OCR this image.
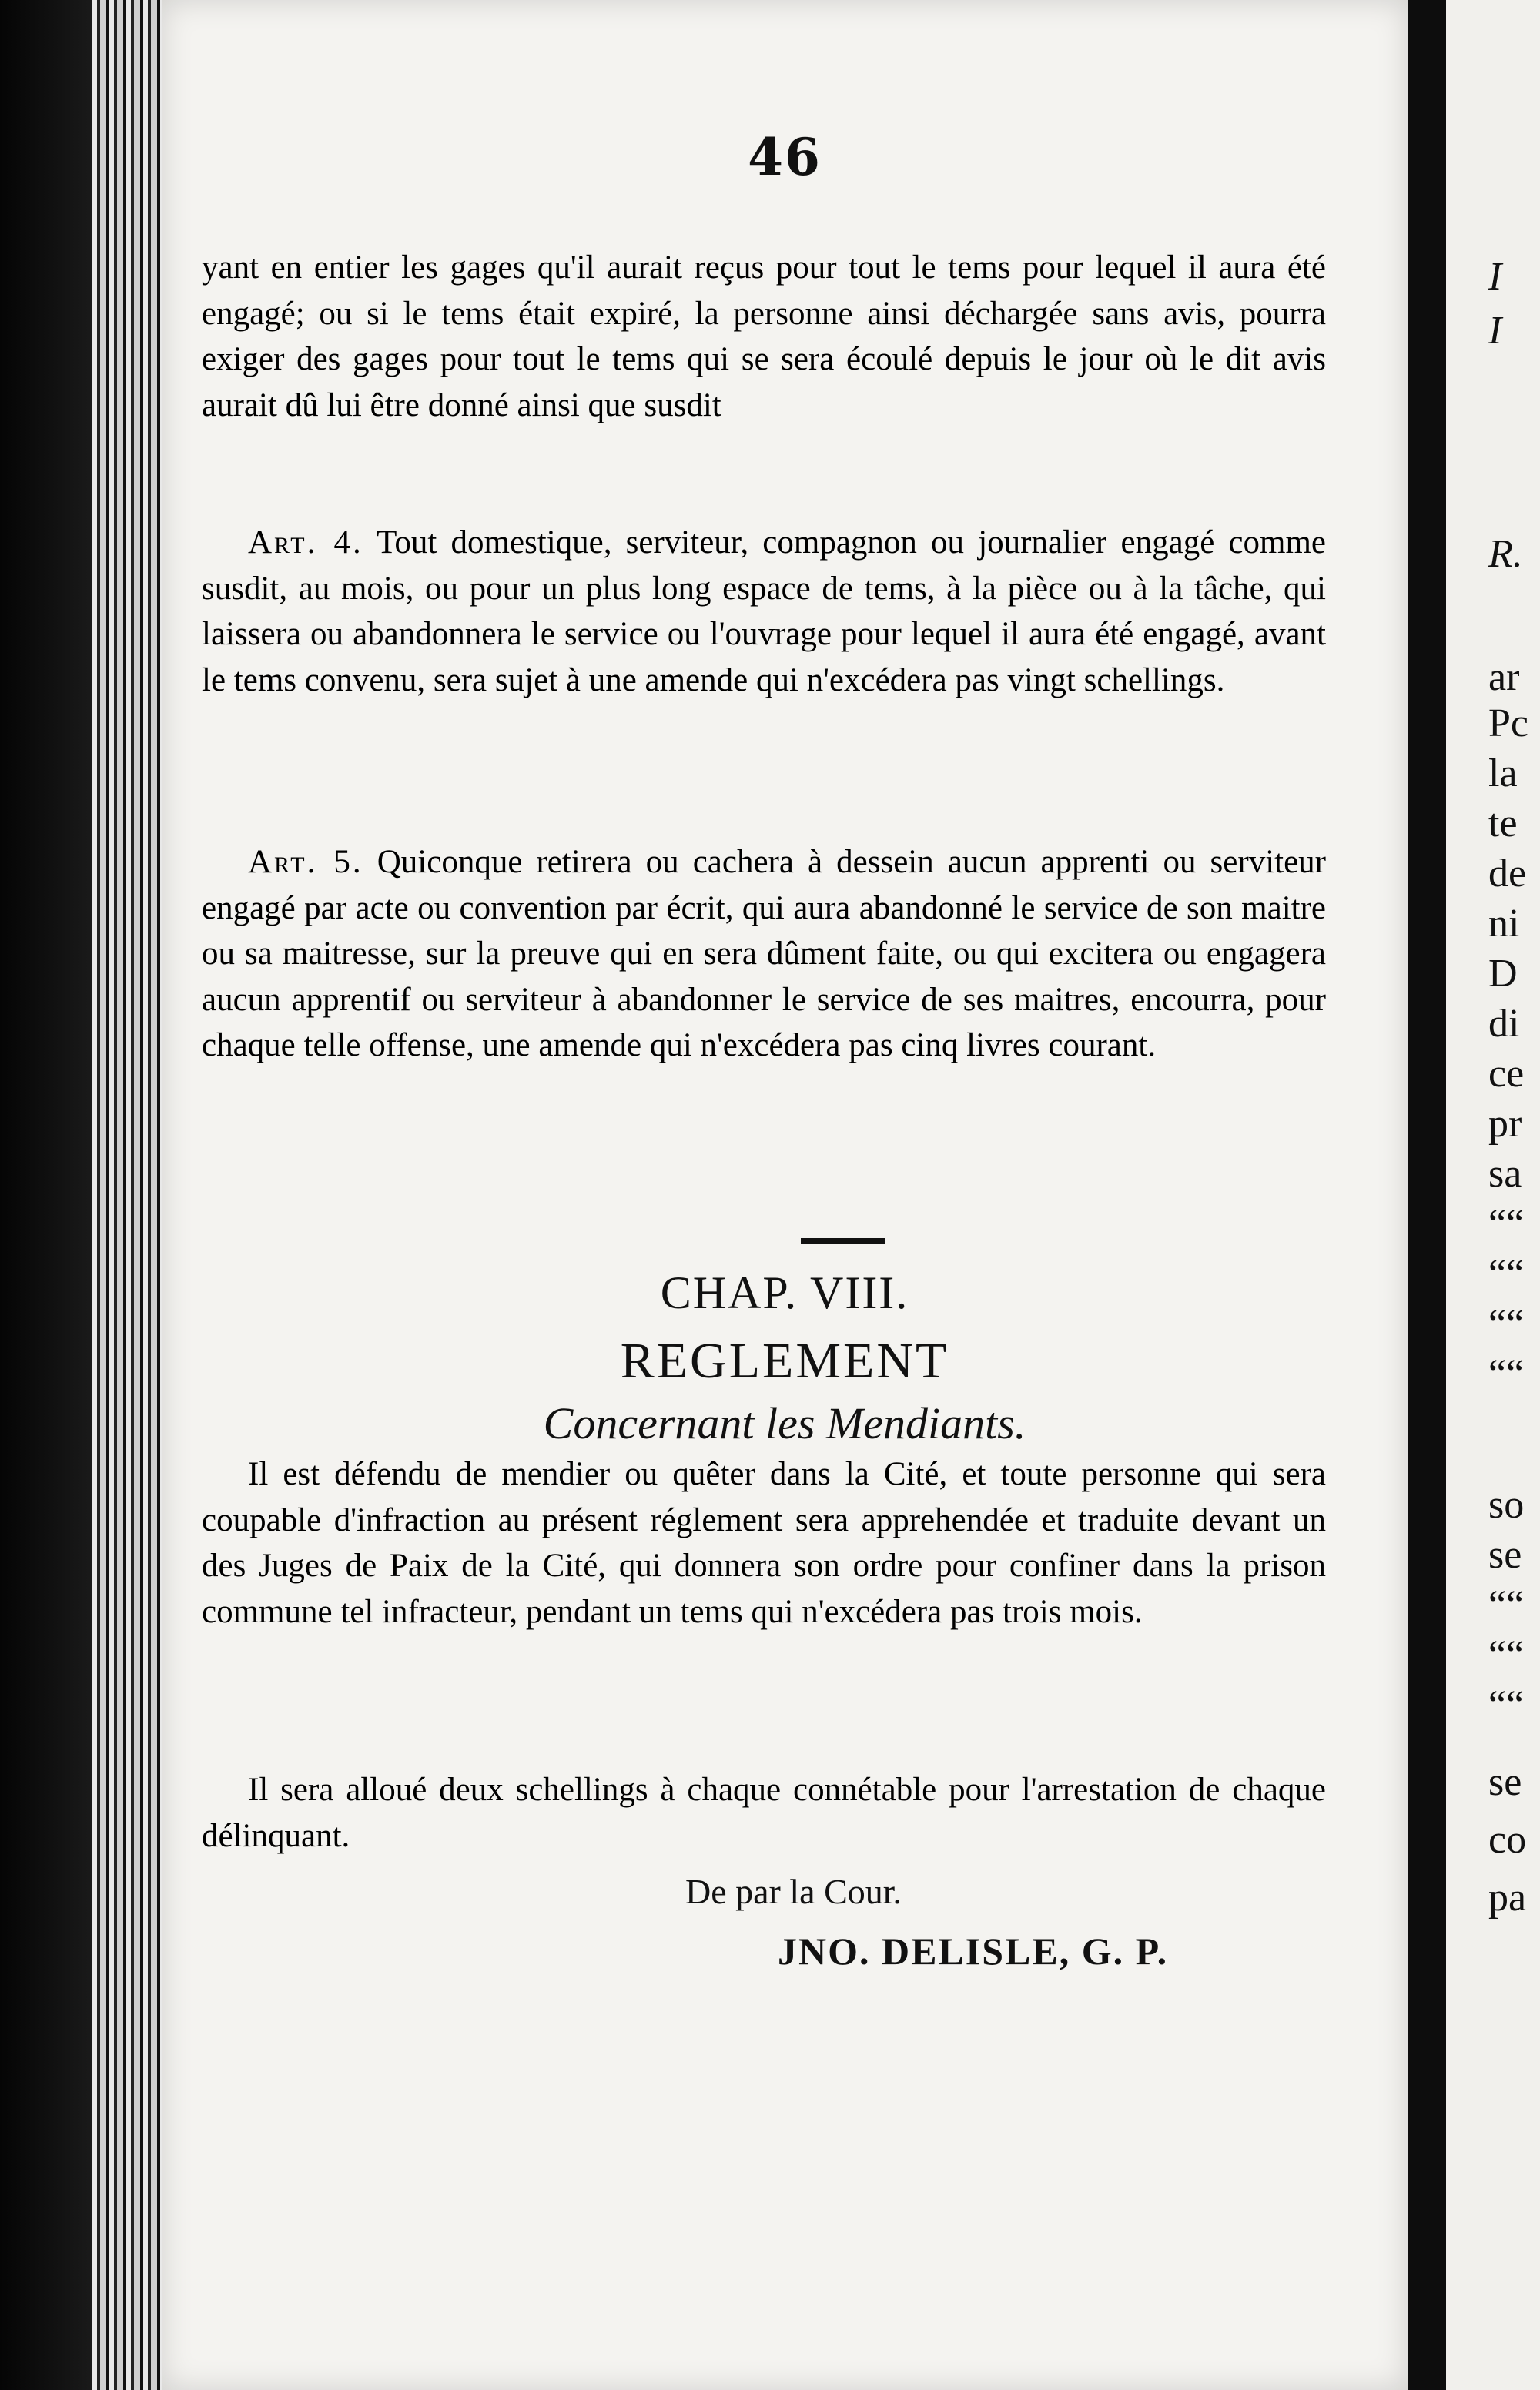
46

yant en entier les gages qu'il aurait reçus pour tout le tems pour lequel il aura été engagé; ou si le tems était expiré, la personne ainsi déchargée sans avis, pourra exiger des gages pour tout le tems qui se sera écoulé depuis le jour où le dit avis aurait dû lui être donné ainsi que susdit

Art. 4. Tout domestique, serviteur, compagnon ou journalier engagé comme susdit, au mois, ou pour un plus long espace de tems, à la pièce ou à la tâche, qui laissera ou abandonnera le service ou l'ouvrage pour lequel il aura été engagé, avant le tems convenu, sera sujet à une amende qui n'excédera pas vingt schellings.

Art. 5. Quiconque retirera ou cachera à dessein aucun apprenti ou serviteur engagé par acte ou convention par écrit, qui aura abandonné le service de son maitre ou sa maitresse, sur la preuve qui en sera dûment faite, ou qui excitera ou engagera aucun apprentif ou serviteur à abandonner le service de ses maitres, encourra, pour chaque telle offense, une amende qui n'excédera pas cinq livres courant.

CHAP. VIII.
REGLEMENT
Concernant les Mendiants.

Il est défendu de mendier ou quêter dans la Cité, et toute personne qui sera coupable d'infraction au présent réglement sera apprehendée et traduite devant un des Juges de Paix de la Cité, qui donnera son ordre pour confiner dans la prison commune tel infracteur, pendant un tems qui n'excédera pas trois mois.

Il sera alloué deux schellings à chaque connétable pour l'arrestation de chaque délinquant.

De par la Cour.
JNO. DELISLE, G. P.
I
I
R.
ar
Pc
la
te
de
ni
D
di
ce
pr
sa
““
““
““
““
so
se
““
““
““
se
co
pa
